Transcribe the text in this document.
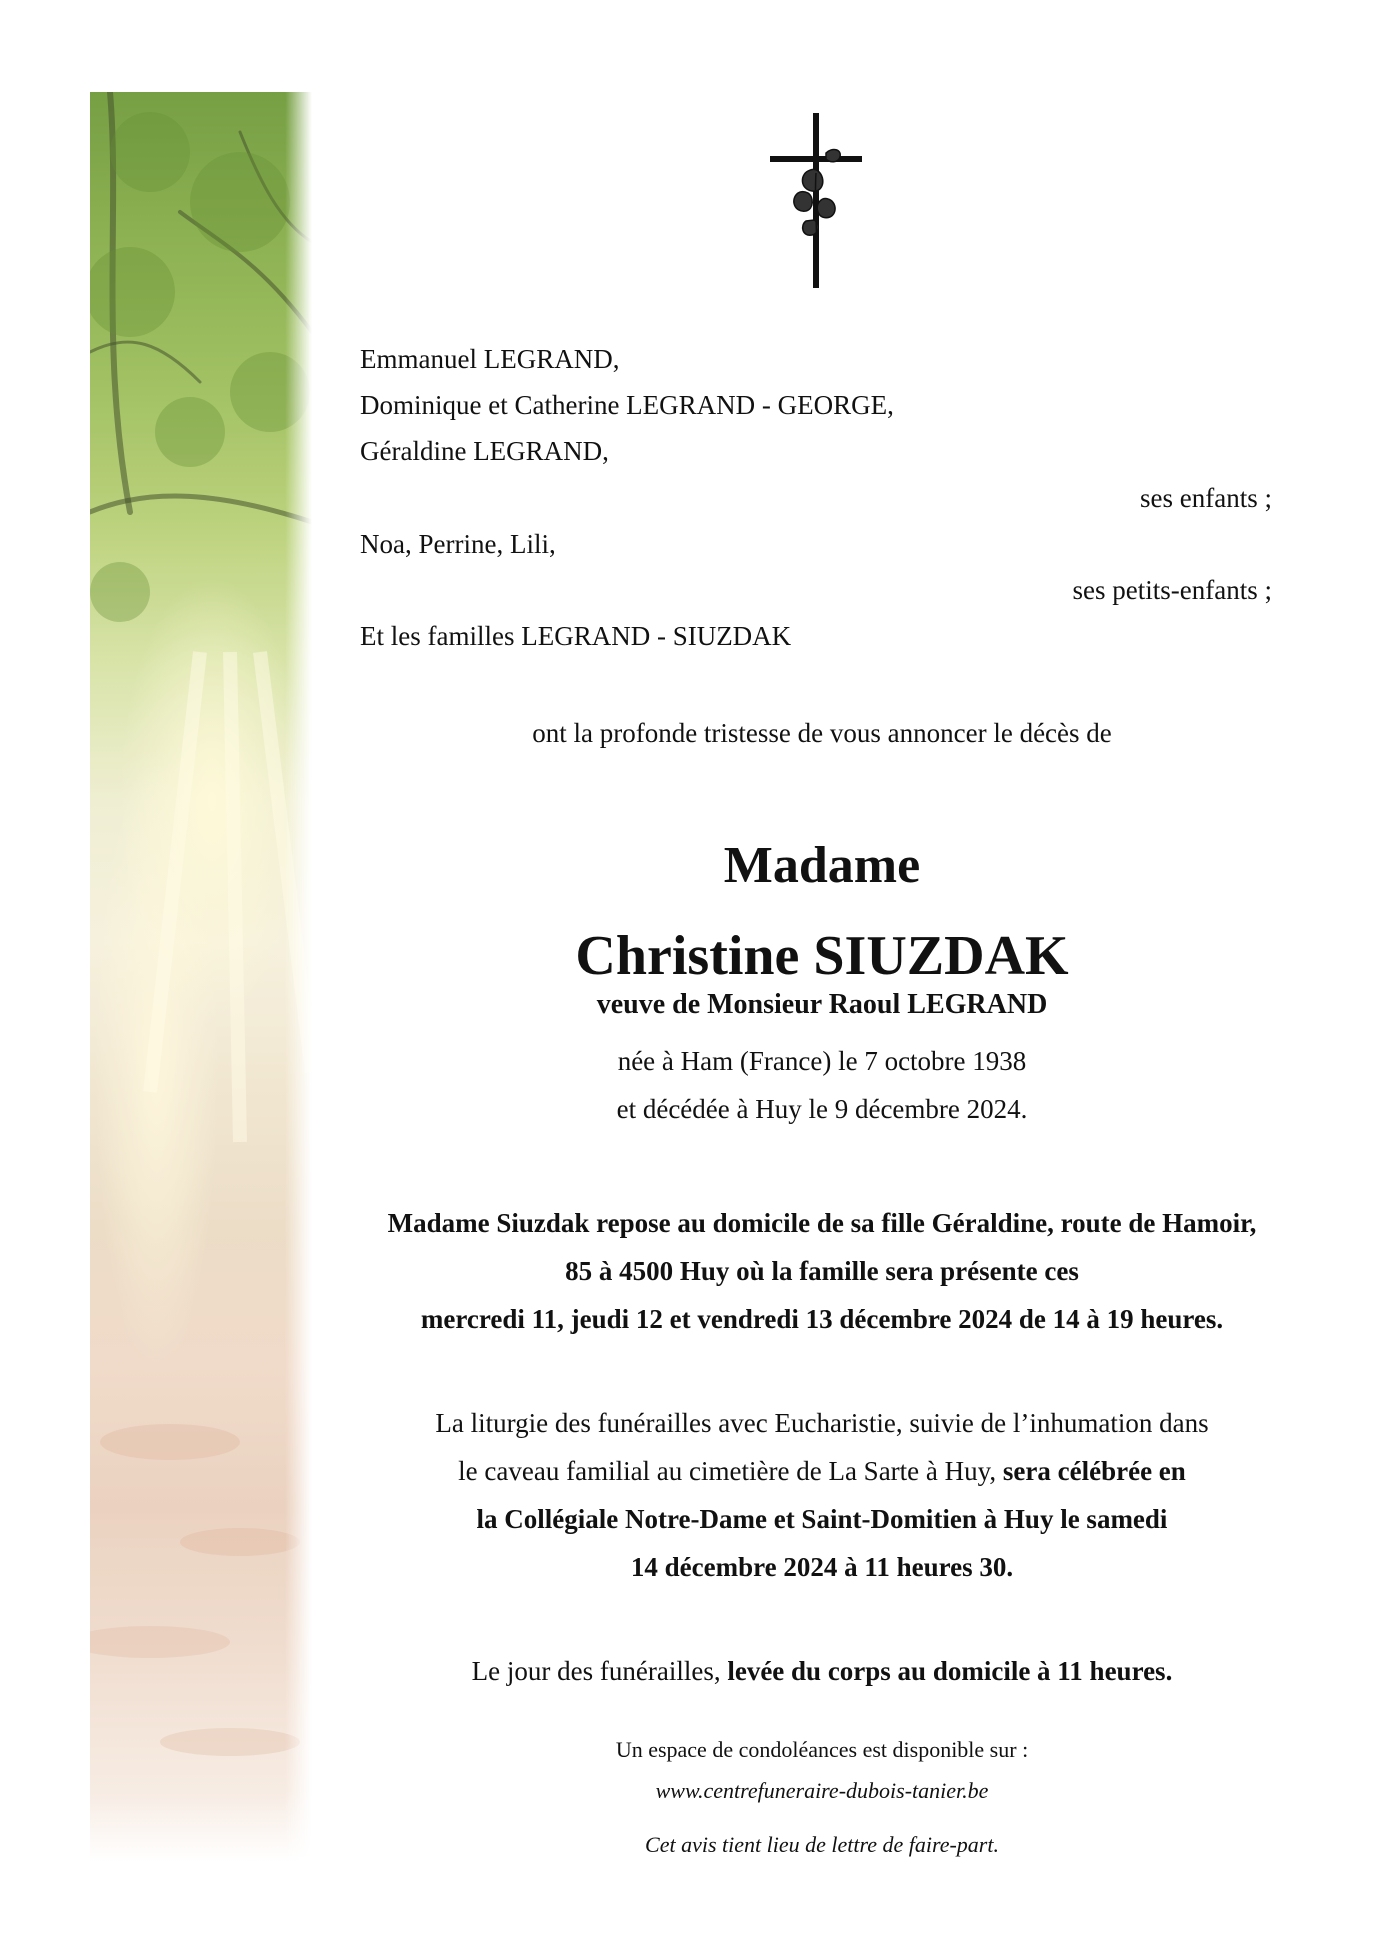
Emmanuel LEGRAND,
Dominique et Catherine LEGRAND - GEORGE,
Géraldine LEGRAND,
ses enfants ;
Noa, Perrine, Lili,
ses petits-enfants ;
Et les familles LEGRAND - SIUZDAK
ont la profonde tristesse de vous annoncer le décès de
Madame
Christine SIUZDAK
veuve de Monsieur Raoul LEGRAND
née à Ham (France) le 7 octobre 1938
et décédée à Huy le 9 décembre 2024.
Madame Siuzdak repose au domicile de sa fille Géraldine, route de Hamoir,
85 à 4500 Huy où la famille sera présente ces
mercredi 11, jeudi 12 et vendredi 13 décembre 2024 de 14 à 19 heures.
La liturgie des funérailles avec Eucharistie, suivie de l’inhumation dans
le caveau familial au cimetière de La Sarte à Huy, sera célébrée en
la Collégiale Notre-Dame et Saint-Domitien à Huy le samedi
14 décembre 2024 à 11 heures 30.
Le jour des funérailles, levée du corps au domicile à 11 heures.
Un espace de condoléances est disponible sur :
www.centrefuneraire-dubois-tanier.be
Cet avis tient lieu de lettre de faire-part.
